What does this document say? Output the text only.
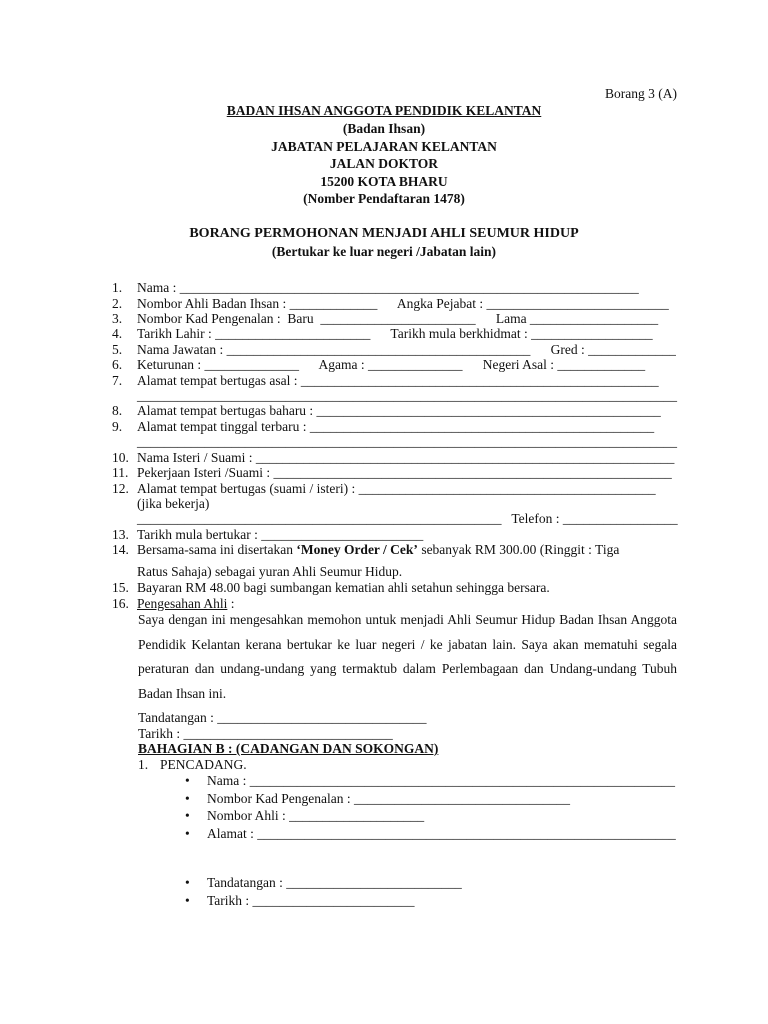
Borang 3 (A)
BADAN IHSAN ANGGOTA PENDIDIK KELANTAN
(Badan Ihsan)
JABATAN PELAJARAN KELANTAN
JALAN DOKTOR
15200 KOTA BHARU
(Nomber Pendaftaran 1478)
BORANG PERMOHONAN MENJADI AHLI SEUMUR HIDUP
(Bertukar ke luar negeri /Jabatan lain)
1. Nama : ____________________________________________________________________
2. Nombor Ahli Badan Ihsan : _____________      Angka Pejabat : ___________________________
3. Nombor Kad Pengenalan :  Baru  _______________________      Lama ___________________
4. Tarikh Lahir : _______________________      Tarikh mula berkhidmat : __________________
5. Nama Jawatan : _____________________________________________      Gred : _____________
6. Keturunan : ______________      Agama : ______________      Negeri Asal : _____________
7. Alamat tempat bertugas asal : _____________________________________________________
________________________________________________________________________________
8. Alamat tempat bertugas baharu : ___________________________________________________
9. Alamat tempat tinggal terbaru : ___________________________________________________
________________________________________________________________________________
10. Nama Isteri / Suami : ______________________________________________________________
11. Pekerjaan Isteri /Suami : ___________________________________________________________
12. Alamat tempat bertugas (suami / isteri) : ____________________________________________
(jika bekerja)
______________________________________________________   Telefon : _________________
13. Tarikh mula bertukar : ________________________
14. Bersama-sama ini disertakan ‘Money Order / Cek’ sebanyak RM 300.00 (Ringgit : Tiga
Ratus Sahaja) sebagai yuran Ahli Seumur Hidup.
15. Bayaran RM 48.00 bagi sumbangan kematian ahli setahun sehingga bersara.
16. Pengesahan Ahli :
Saya dengan ini mengesahkan memohon untuk menjadi Ahli Seumur Hidup Badan Ihsan Anggota Pendidik Kelantan kerana bertukar ke luar negeri / ke jabatan lain. Saya akan mematuhi segala peraturan dan undang-undang yang termaktub dalam Perlembagaan dan Undang-undang Tubuh Badan Ihsan ini.
Tandatangan : _______________________________
Tarikh : _______________________________
BAHAGIAN B : (CADANGAN DAN SOKONGAN)
1. PENCADANG.
• Nama : _______________________________________________________________
• Nombor Kad Pengenalan : ________________________________
• Nombor Ahli : ____________________
• Alamat : ______________________________________________________________
• Tandatangan : __________________________
• Tarikh : ________________________
